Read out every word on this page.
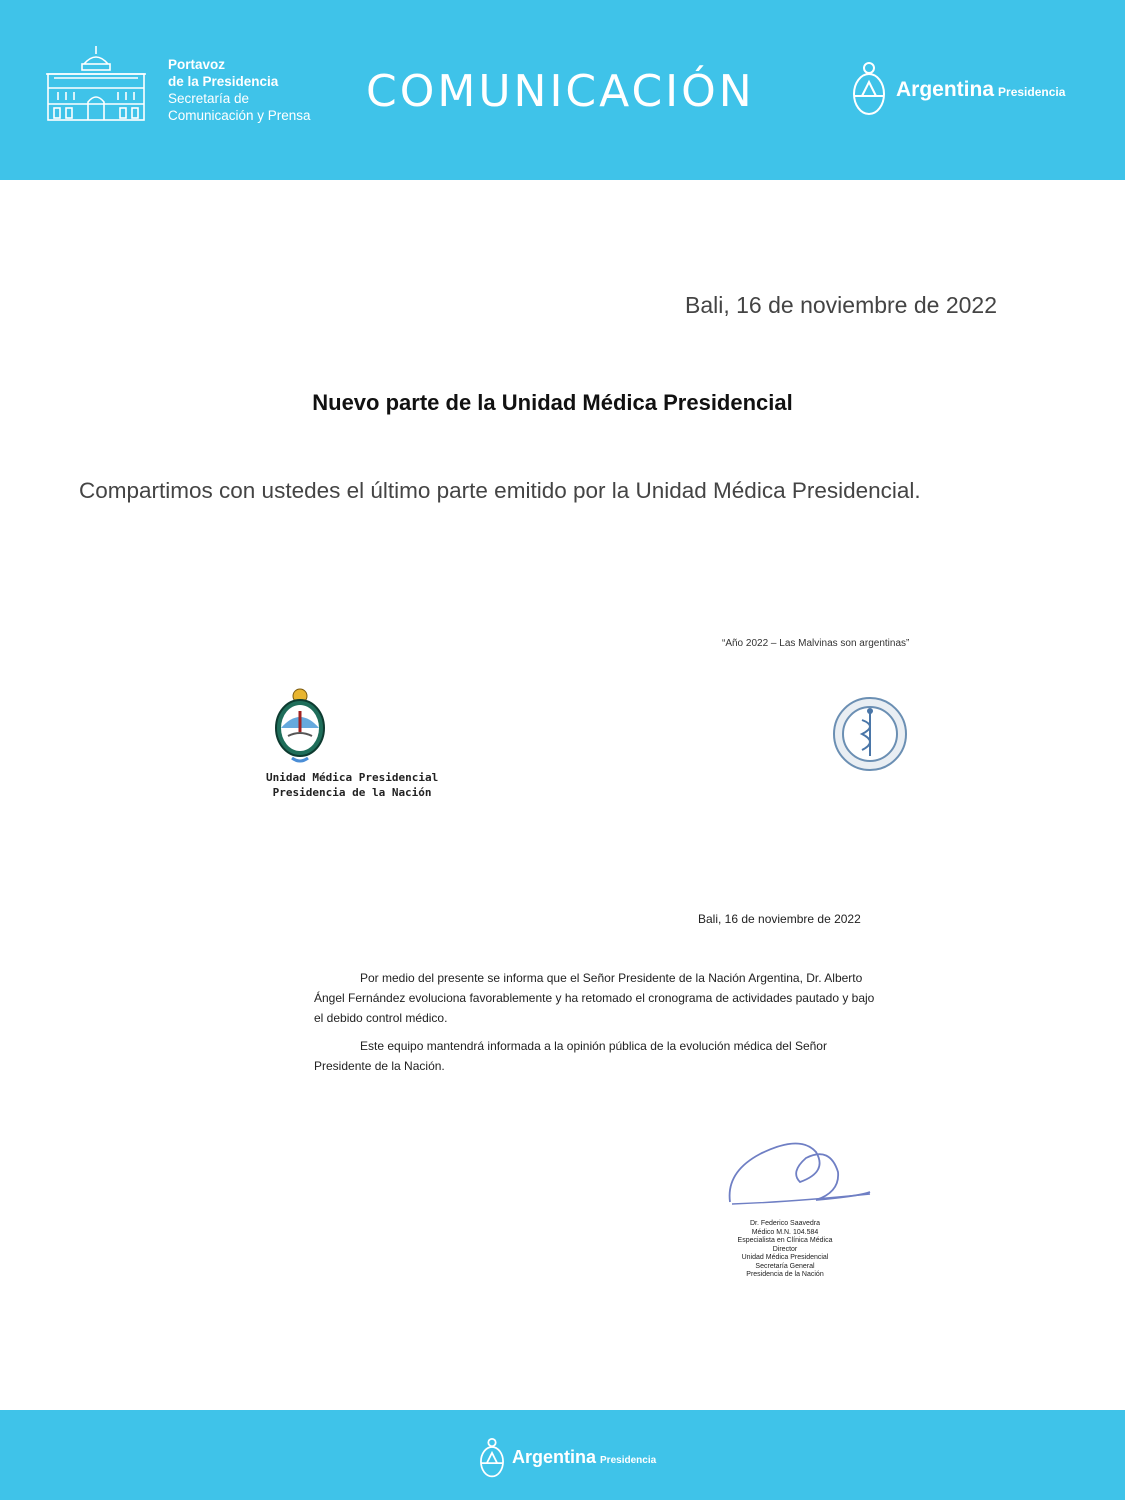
Portavoz
de la Presidencia
Secretaría de
Comunicación y Prensa COMUNICACIÓN	Argentina Presidencia
Bali, 16 de noviembre de 2022
Nuevo parte de la Unidad Médica Presidencial
Compartimos con ustedes el último parte emitido por la Unidad Médica Presidencial.
“Año 2022 – Las Malvinas son argentinas”
Unidad Médica Presidencial
Presidencia de la Nación
Bali, 16 de noviembre de 2022
Por medio del presente se informa que el Señor Presidente de la Nación Argentina, Dr. Alberto Ángel Fernández evoluciona favorablemente y ha retomado el cronograma de actividades pautado y bajo el debido control médico.
Este equipo mantendrá informada a la opinión pública de la evolución médica del Señor Presidente de la Nación.
Dr. Federico Saavedra
Médico M.N. 104.584
Especialista en Clínica Médica
Director
Unidad Médica Presidencial
Secretaría General
Presidencia de la Nación
Argentina Presidencia
